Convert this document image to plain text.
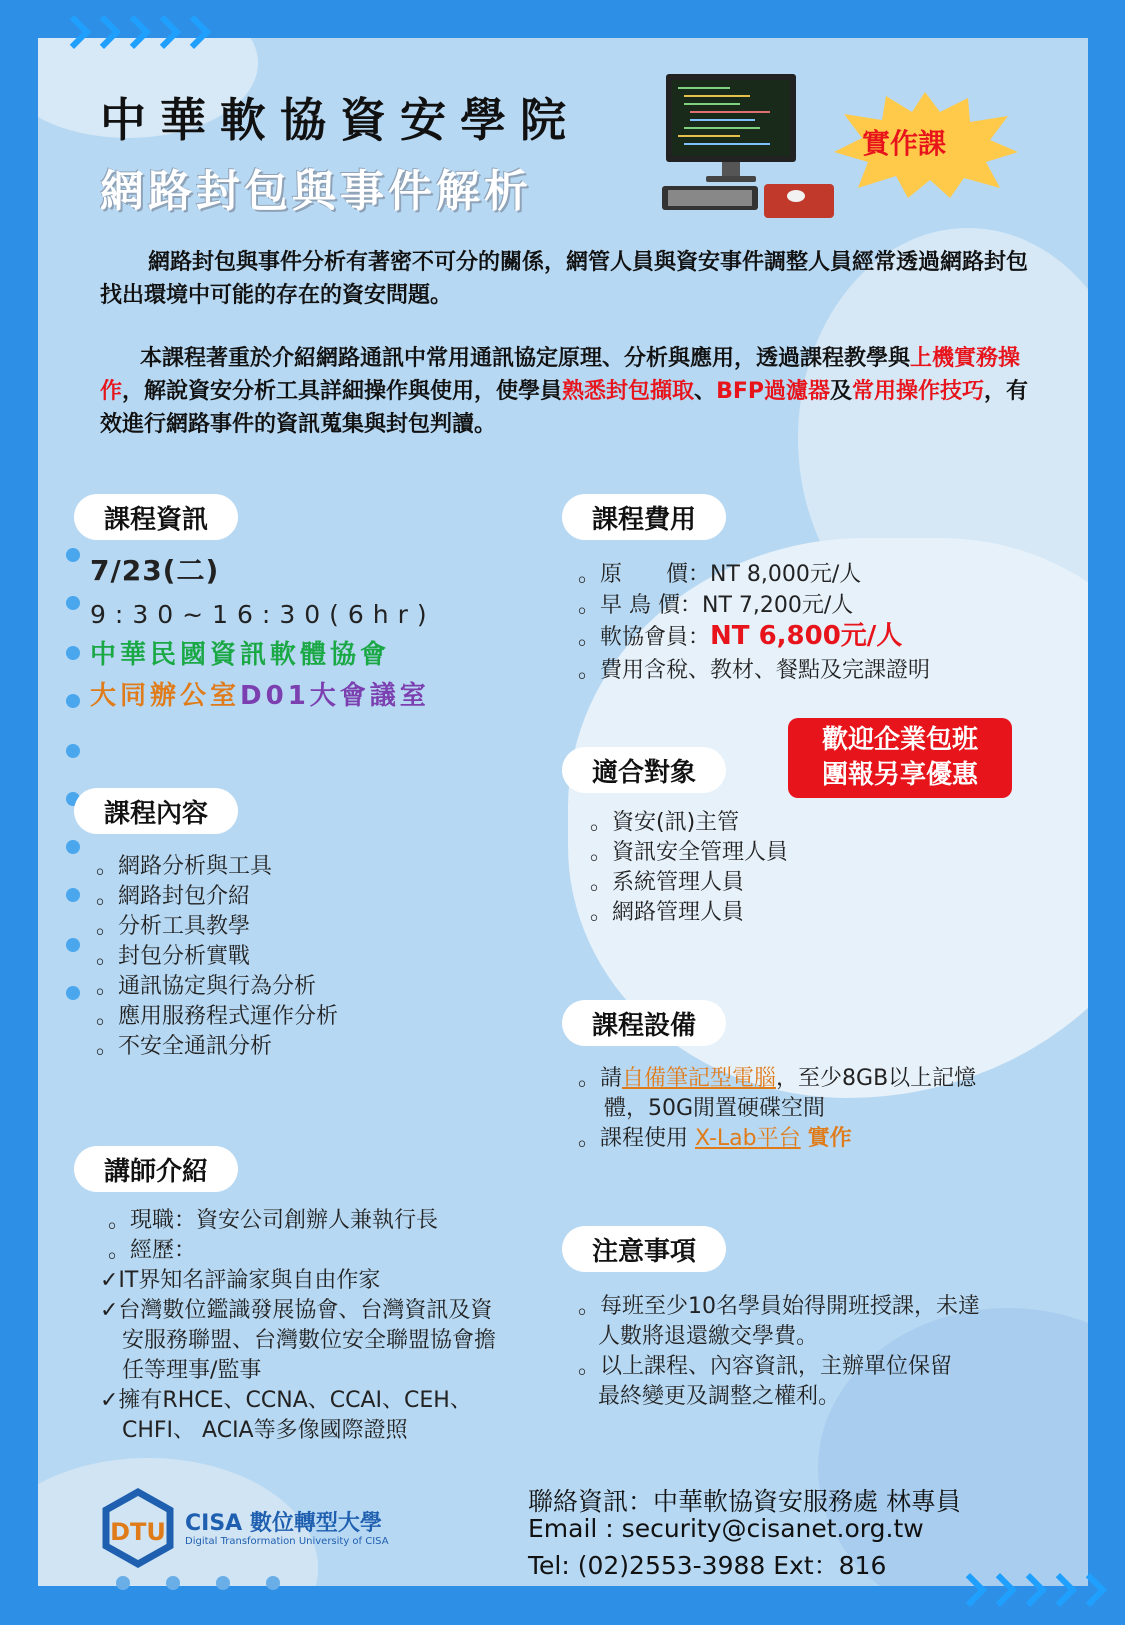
中華軟協資安學院
網路封包與事件解析
實作課
網路封包與事件分析有著密不可分的關係，網管人員與資安事件調整人員經常透過網路封包找出環境中可能的存在的資安問題。
本課程著重於介紹網路通訊中常用通訊協定原理、分析與應用，透過課程教學與上機實務操作，解說資安分析工具詳細操作與使用，使學員熟悉封包擷取、BFP過濾器及常用操作技巧，有效進行網路事件的資訊蒐集與封包判讀。
課程資訊
7/23(二)
9:30~16:30(6hr)
中華民國資訊軟體協會
大同辦公室D01大會議室
課程費用
。原　　價：NT 8,000元/人
。早 鳥 價：NT 7,200元/人
。軟協會員：NT 6,800元/人
。費用含稅、教材、餐點及完課證明
歡迎企業包班
團報另享優惠
適合對象
。資安(訊)主管
。資訊安全管理人員
。系統管理人員
。網路管理人員
課程內容
。網路分析與工具
。網路封包介紹
。分析工具教學
。封包分析實戰
。通訊協定與行為分析
。應用服務程式運作分析
。不安全通訊分析
課程設備
。請自備筆記型電腦，至少8GB以上記憶
體，50G閒置硬碟空間
。課程使用 X-Lab平台 實作
講師介紹
。現職：資安公司創辦人兼執行長
。經歷：
✓IT界知名評論家與自由作家
✓台灣數位鑑識發展協會、台灣資訊及資
安服務聯盟、台灣數位安全聯盟協會擔
任等理事/監事
✓擁有RHCE、CCNA、CCAI、CEH、
CHFI、 ACIA等多像國際證照
注意事項
。每班至少10名學員始得開班授課，未達
人數將退還繳交學費。
。以上課程、內容資訊，主辦單位保留
最終變更及調整之權利。
DTU CISA 數位轉型大學
Digital Transformation University of CISA
聯絡資訊：中華軟協資安服務處 林專員
Email : security@cisanet.org.tw
Tel: (02)2553-3988 Ext：816
